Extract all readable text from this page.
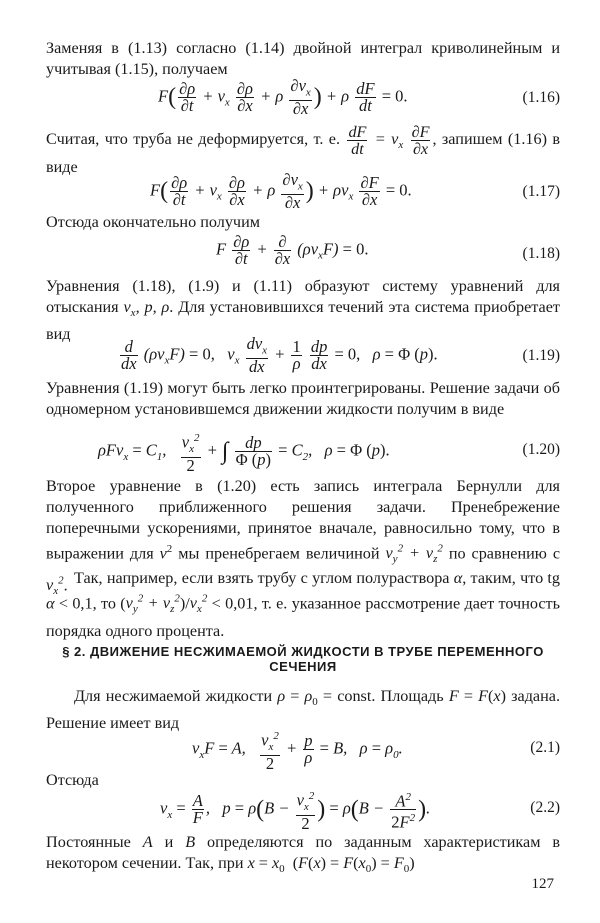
Заменяя в (1.13) согласно (1.14) двойной интеграл криволинейным и учитывая (1.15), получаем

$F( \frac{\partial\rho}{\partial t} + v_x \frac{\partial\rho}{\partial x} + \rho \frac{\partial v_x}{\partial x}$ ) + ρ $\frac{dF}{dt} = 0$.	(1.16)

Считая, что труба не деформируется, т. е. $\frac{dF}{dt} = v_x \frac{\partial F}{\partial x}$ , запишем (1.16) в виде

$F( \frac{\partial\rho}{\partial t} + v_x \frac{\partial\rho}{\partial x} + \rho \frac{\partial v_x}{\partial x}$ ) + $\rho v_x \frac{\partial F}{\partial x} = 0$.	(1.17)

Отсюда окончательно получим

F $\frac{\partial\rho}{\partial t} + \frac{\partial}{\partial x} (\rho v_xF) = 0$.	(1.18)

Уравнения (1.18), (1.9) и (1.11) образуют систему уравнений для отыскания $v_x$, p, ρ. Для установившихся течений эта система приобретает вид

$\frac{d}{dx} (\rho v_xF) = 0$,   $v_x \frac{dv_x}{dx} + \frac{1}{\rho}$
$\frac{dp}{dx} = 0$,   ρ = Φ (p).	(1.19)

Уравнения (1.19) могут быть легко проинтегрированы. Решение задачи об одномерном установившемся движении жидкости получим в виде

$\rho Fv_x = C_1$, $\frac{v_x^2}{2}$ + ∫ $\frac{dp}{\Phi (p)} = C_2$,   ρ = Φ (p).	(1.20)

Второе уравнение в (1.20) есть запись интеграла Бернулли для полученного приближенного решения задачи. Пренебрежение поперечными ускорениями, принятое вначале, равносильно тому, что в выражении для $v^2$ мы пренебрегаем величиной $v_y^2 + v_z^2$ по сравнению с $v_x^2$. Так, например, если взять трубу с углом полураствора α, таким, что tg α < 0,1, то $(v_y^2 + v_z^2)/v_x^2 < 0,01$, т. е. указанное рассмотрение дает точность порядка одного процента.

§ 2. ДВИЖЕНИЕ НЕСЖИМАЕМОЙ ЖИДКОСТИ В ТРУБЕ ПЕРЕМЕННОГО СЕЧЕНИЯ

Для несжимаемой жидкости $\rho = \rho_0$ = const. Площадь F = F(x) задана. Решение имеет вид

$v_xF = A$, $\frac{v_x^2}{2} + \frac{p}{\rho} = B$,   $\rho = \rho_0$.	(2.1)

Отсюда

$v_x = \frac{A}{F}$ ,   $p = \rho(B - \frac{v_x^2}{2}$ ) = $\rho(B - \frac{A^2}{2F^2}$ ).	(2.2)

Постоянные A и B определяются по заданным характеристикам в некотором сечении. Так, при $x = x_0$  $(F(x) = F(x_0) = F_0)$

127
